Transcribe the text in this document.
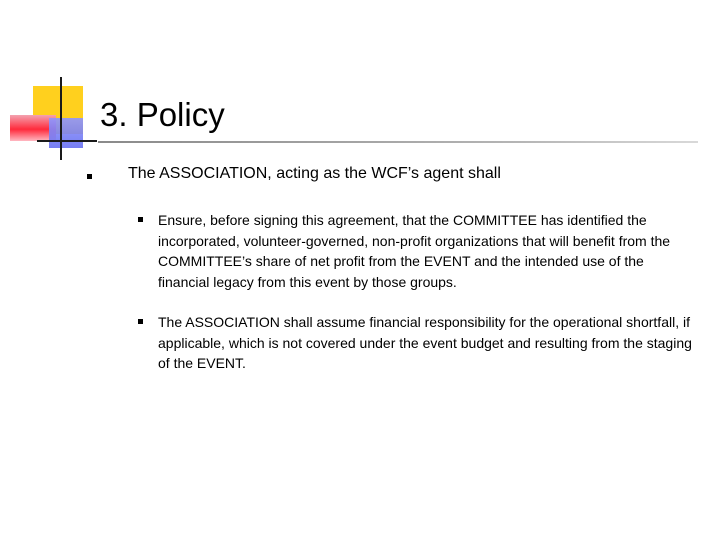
3. Policy
The ASSOCIATION, acting as the WCF’s agent shall
Ensure, before signing this agreement, that the COMMITTEE has identified the incorporated, volunteer-governed, non-profit organizations that will benefit from the COMMITTEE’s share of net profit from the EVENT and the intended use of the financial legacy from this event by those groups.
The ASSOCIATION shall assume financial responsibility for the operational shortfall, if applicable, which is not covered under the event budget and resulting from the staging of the EVENT.
